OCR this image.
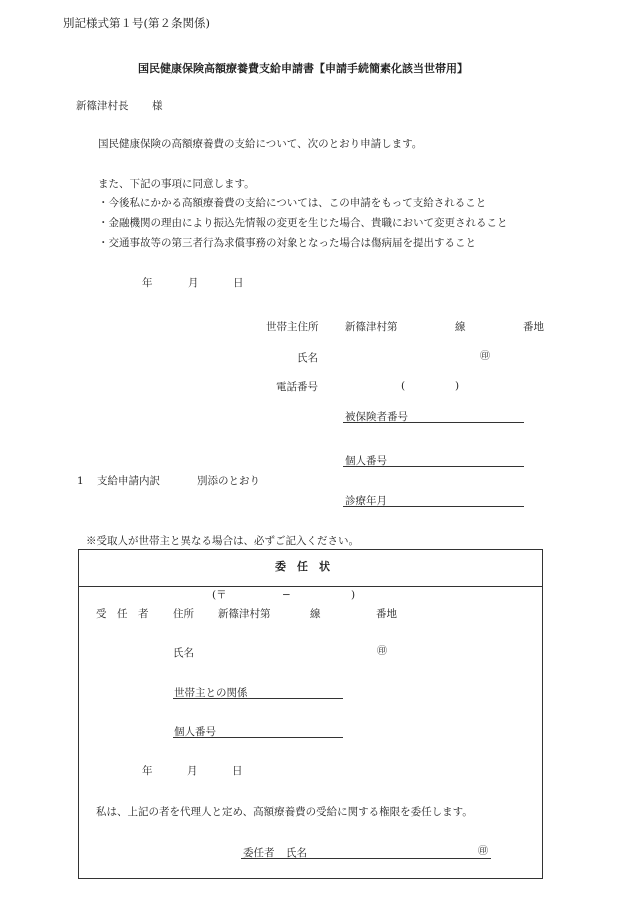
別記様式第１号(第２条関係)
国民健康保険高額療養費支給申請書【申請手続簡素化該当世帯用】
新篠津村長 様
国民健康保険の高額療養費の支給について、次のとおり申請します。
また、下記の事項に同意します。
・今後私にかかる高額療養費の支給については、この申請をもって支給されること
・金融機関の理由により振込先情報の変更を生じた場合、貴職において変更されること
・交通事故等の第三者行為求償事務の対象となった場合は傷病届を提出すること
年	月	日
世帯主住所	新篠津村第	線	番地
氏名	㊞
電話番号	(	)
被保険者番号
個人番号
1 支給申請内訳	別添のとおり
診療年月
※受取人が世帯主と異なる場合は、必ずご記入ください。
委　任　状
(〒	−	)
受　任　者 住所 新篠津村第	線	番地
氏名	㊞
世帯主との関係
個人番号
年	月	日
私は、上記の者を代理人と定め、高額療養費の受給に関する権限を委任します。
委任者 氏名	㊞
